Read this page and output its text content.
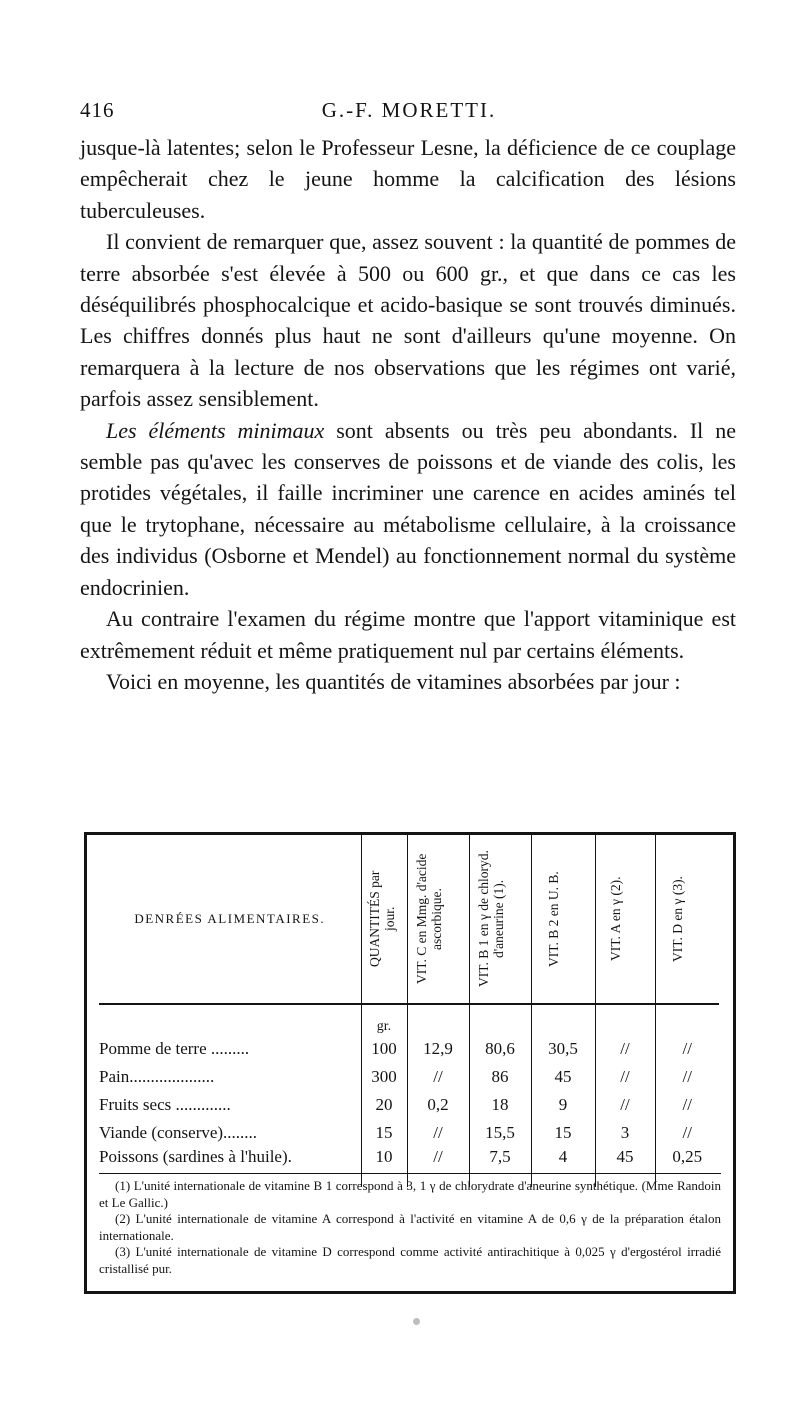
416	G.-F. MORETTI.

jusque-là latentes; selon le Professeur Lesne, la déficience de ce couplage empêcherait chez le jeune homme la calcification des lésions tuberculeuses.

Il convient de remarquer que, assez souvent : la quantité de pommes de terre absorbée s'est élevée à 500 ou 600 gr., et que dans ce cas les déséquilibrés phosphocalcique et acido-basique se sont trouvés diminués. Les chiffres donnés plus haut ne sont d'ailleurs qu'une moyenne. On remarquera à la lecture de nos observations que les régimes ont varié, parfois assez sensiblement.

Les éléments minimaux sont absents ou très peu abondants. Il ne semble pas qu'avec les conserves de poissons et de viande des colis, les protides végétales, il faille incriminer une carence en acides aminés tel que le trytophane, nécessaire au métabolisme cellulaire, à la croissance des individus (Osborne et Mendel) au fonctionnement normal du système endocrinien.

Au contraire l'examen du régime montre que l'apport vitaminique est extrêmement réduit et même pratiquement nul par certains éléments.

Voici en moyenne, les quantités de vitamines absorbées par jour :

DENRÉES ALIMENTAIRES.	QUANTITÉS par jour.	VIT. C en Mmg. d'acide ascorbique.	VIT. B 1 en γ de chloryd. d'aneurine (1).	VIT. B 2 en U. B.	VIT. A en γ (2).	VIT. D en γ (3).

	gr.					
Pomme de terre .........	100	12,9	80,6	30,5	//	//
Pain....................	300	//	86	45	//	//
Fruits secs .............	20	0,2	18	9	//	//
Viande (conserve)........	15	//	15,5	15	3	//
Poissons (sardines à l'huile).	10	//	7,5	4	45	0,25

(1) L'unité internationale de vitamine B 1 correspond à 3, 1 γ de chlorydrate d'aneurine synthétique. (Mme Randoin et Le Gallic.)

(2) L'unité internationale de vitamine A correspond à l'activité en vitamine A de 0,6 γ de la préparation étalon internationale.

(3) L'unité internationale de vitamine D correspond comme activité antirachitique à 0,025 γ d'ergostérol irradié cristallisé pur.
